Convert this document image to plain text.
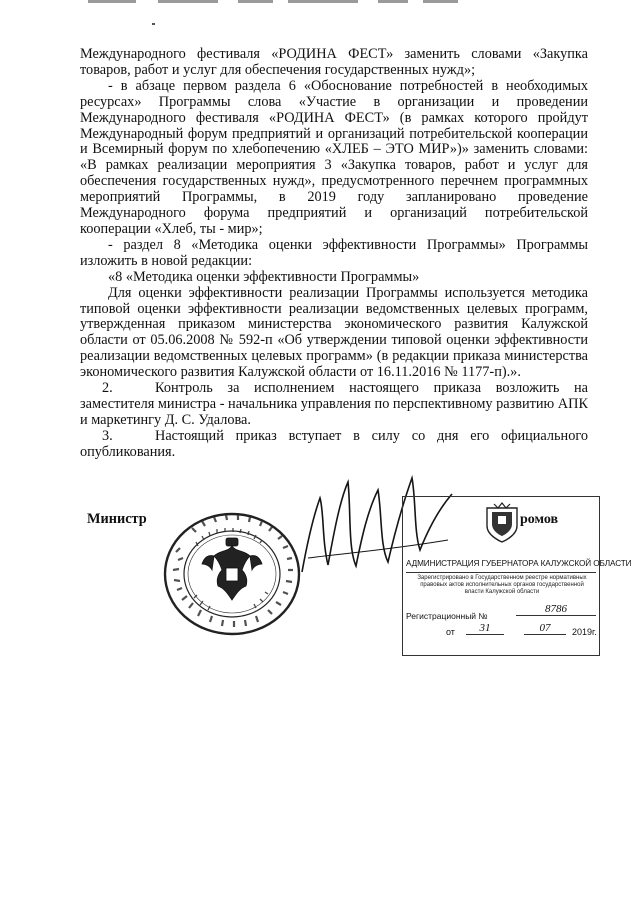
Международного фестиваля «РОДИНА ФЕСТ» заменить словами «Закупка товаров, работ и услуг для обеспечения государственных нужд»;

- в абзаце первом раздела 6 «Обоснование потребностей в необходимых ресурсах» Программы слова «Участие в организации и проведении Международного фестиваля «РОДИНА ФЕСТ» (в рамках которого пройдут Международный форум предприятий и организаций потребительской кооперации и Всемирный форум по хлебопечению «ХЛЕБ – ЭТО МИР»)» заменить словами: «В рамках реализации мероприятия 3 «Закупка товаров, работ и услуг для обеспечения государственных нужд», предусмотренного перечнем программных мероприятий Программы, в 2019 году запланировано проведение Международного форума предприятий и организаций потребительской кооперации «Хлеб, ты - мир»;

- раздел 8 «Методика оценки эффективности Программы» Программы изложить в новой редакции:

«8 «Методика оценки эффективности Программы»

Для оценки эффективности реализации Программы используется методика типовой оценки эффективности реализации ведомственных целевых программ, утвержденная приказом министерства экономического развития Калужской области от 05.06.2008 № 592-п «Об утверждении типовой оценки эффективности реализации ведомственных целевых программ» (в редакции приказа министерства экономического развития Калужской области от 16.11.2016 № 1177-п).».

2.	Контроль за исполнением настоящего приказа возложить на заместителя министра - начальника управления по перспективному развитию АПК и маркетингу Д. С. Удалова.

3.	Настоящий приказ вступает в силу со дня его официального опубликования.

Министр	ромов
АДМИНИСТРАЦИЯ ГУБЕРНАТОРА КАЛУЖСКОЙ ОБЛАСТИ
Зарегистрировано в Государственном реестре нормативных правовых актов исполнительных органов государственной власти Калужской области
Регистрационный №
8786
от	31	07	2019г.
